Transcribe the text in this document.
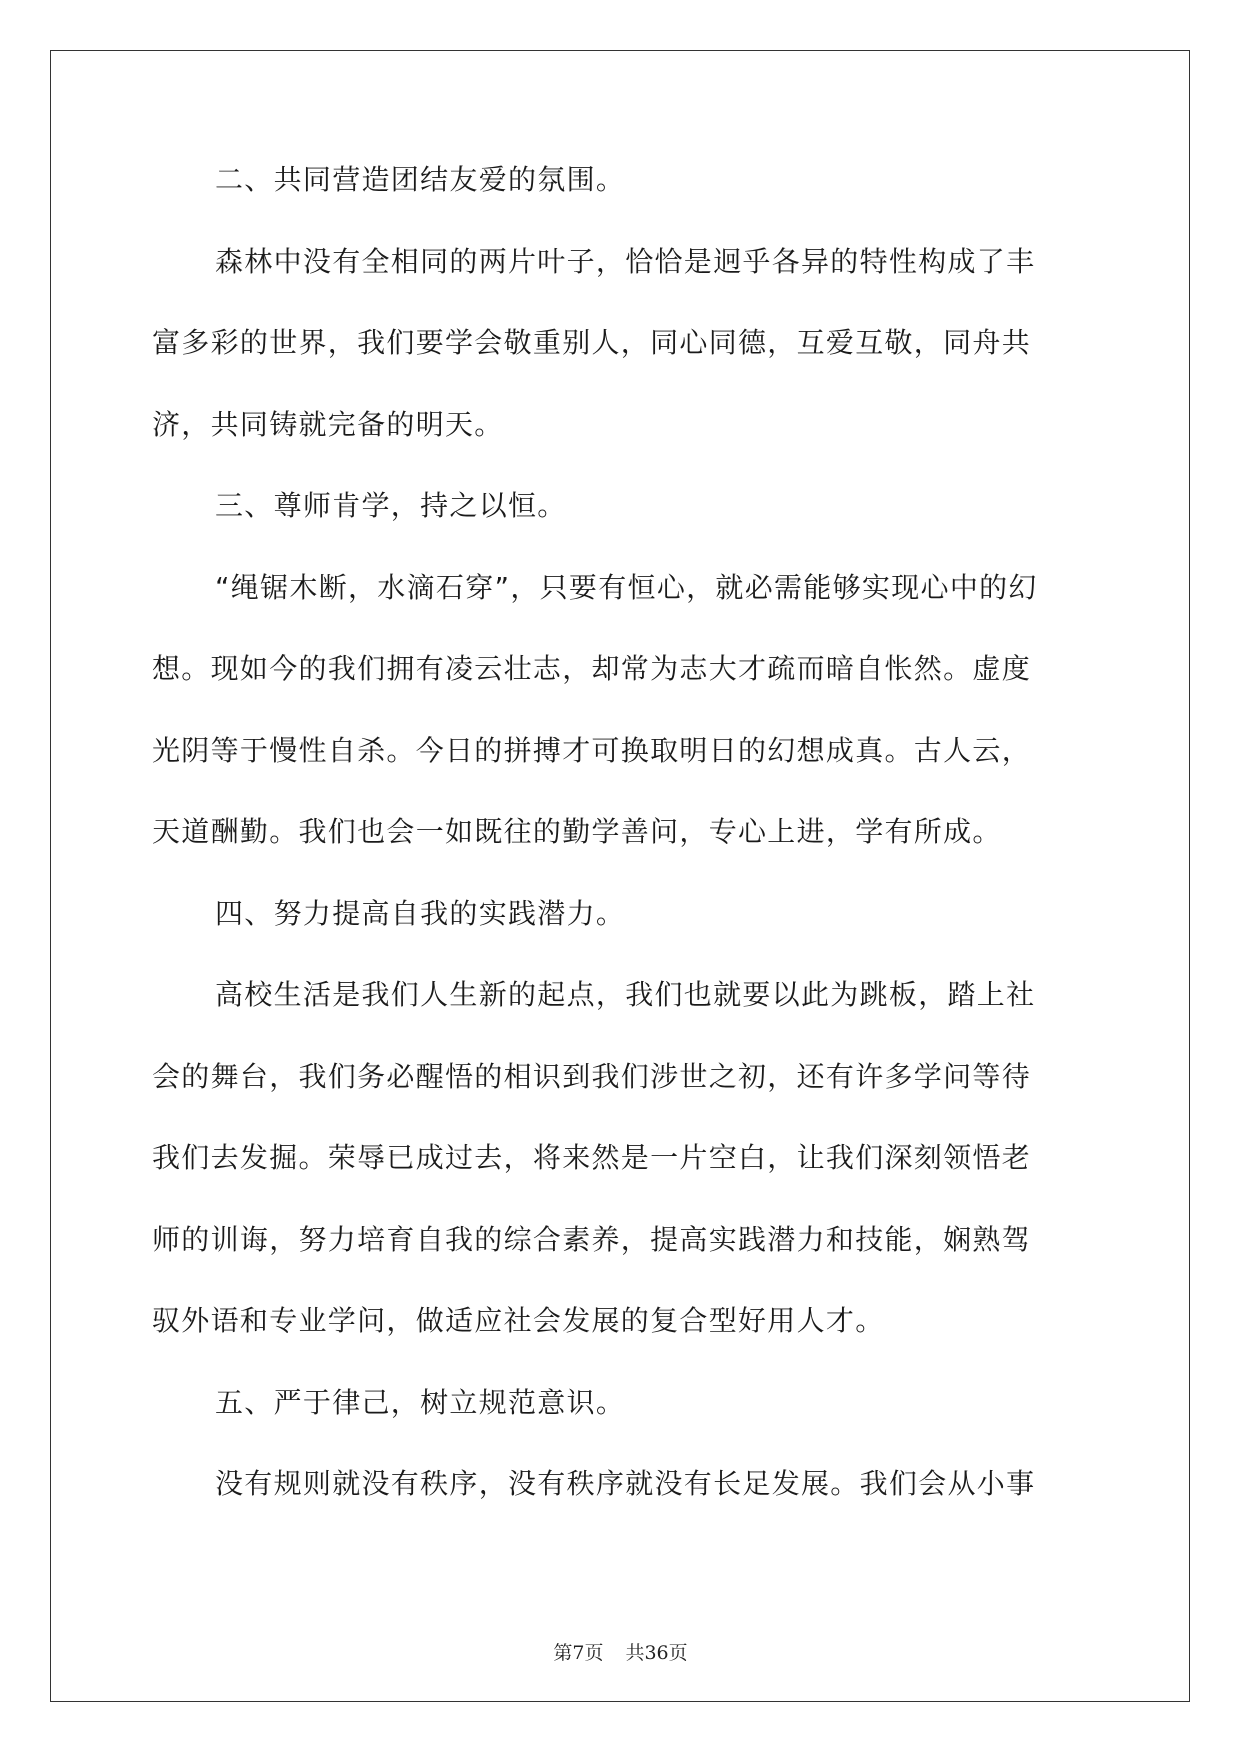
二、共同营造团结友爱的氛围。
森林中没有全相同的两片叶子，恰恰是迥乎各异的特性构成了丰
富多彩的世界，我们要学会敬重别人，同心同德，互爱互敬，同舟共
济，共同铸就完备的明天。
三、尊师肯学，持之以恒。
“绳锯木断，水滴石穿”，只要有恒心，就必需能够实现心中的幻
想。现如今的我们拥有凌云壮志，却常为志大才疏而暗自怅然。虚度
光阴等于慢性自杀。今日的拼搏才可换取明日的幻想成真。古人云，
天道酬勤。我们也会一如既往的勤学善问，专心上进，学有所成。
四、努力提高自我的实践潜力。
高校生活是我们人生新的起点，我们也就要以此为跳板，踏上社
会的舞台，我们务必醒悟的相识到我们涉世之初，还有许多学问等待
我们去发掘。荣辱已成过去，将来然是一片空白，让我们深刻领悟老
师的训诲，努力培育自我的综合素养，提高实践潜力和技能，娴熟驾
驭外语和专业学问，做适应社会发展的复合型好用人才。
五、严于律己，树立规范意识。
没有规则就没有秩序，没有秩序就没有长足发展。我们会从小事
第7页 共36页
